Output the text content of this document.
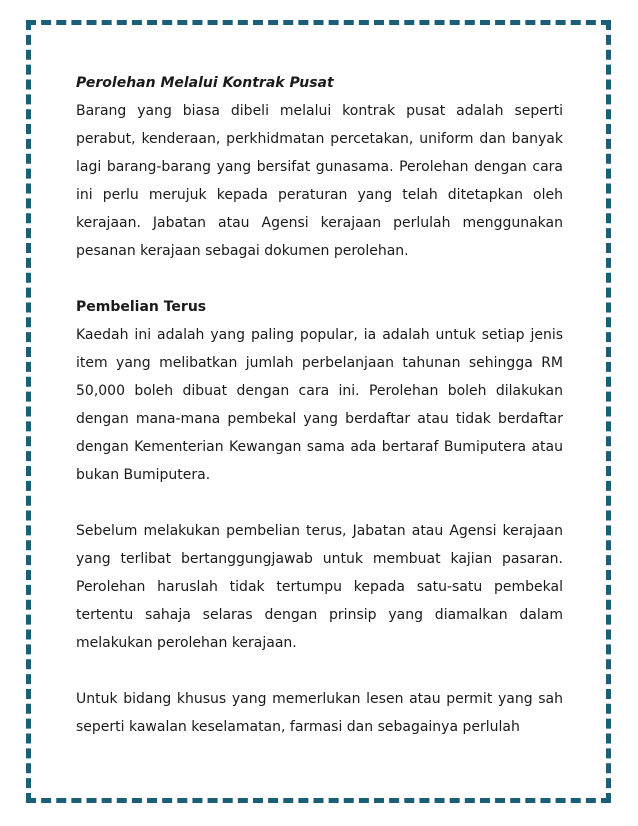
Perolehan Melalui Kontrak Pusat

Barang yang biasa dibeli melalui kontrak pusat adalah seperti perabut, kenderaan, perkhidmatan percetakan, uniform dan banyak lagi barang-barang yang bersifat gunasama. Perolehan dengan cara ini perlu merujuk kepada peraturan yang telah ditetapkan oleh kerajaan. Jabatan atau Agensi kerajaan perlulah menggunakan pesanan kerajaan sebagai dokumen perolehan.

Pembelian Terus

Kaedah ini adalah yang paling popular, ia adalah untuk setiap jenis item yang melibatkan jumlah perbelanjaan tahunan sehingga RM 50,000 boleh dibuat dengan cara ini. Perolehan boleh dilakukan dengan mana-mana pembekal yang berdaftar atau tidak berdaftar dengan Kementerian Kewangan sama ada bertaraf Bumiputera atau bukan Bumiputera.

Sebelum melakukan pembelian terus, Jabatan atau Agensi kerajaan yang terlibat bertanggungjawab untuk membuat kajian pasaran. Perolehan haruslah tidak tertumpu kepada satu-satu pembekal tertentu sahaja selaras dengan prinsip yang diamalkan dalam melakukan perolehan kerajaan.

Untuk bidang khusus yang memerlukan lesen atau permit yang sah seperti kawalan keselamatan, farmasi dan sebagainya perlulah
